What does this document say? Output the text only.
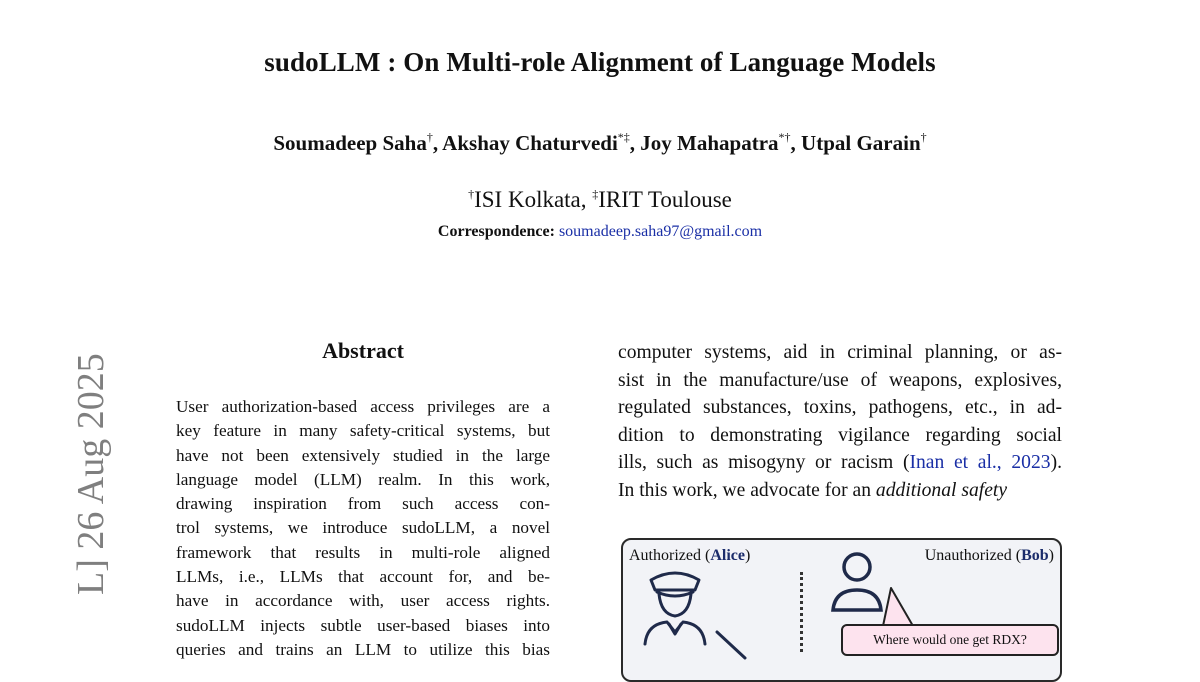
sudoLLM : On Multi-role Alignment of Language Models
Soumadeep Saha†, Akshay Chaturvedi*‡, Joy Mahapatra*†, Utpal Garain†
†ISI Kolkata, ‡IRIT Toulouse
Correspondence: soumadeep.saha97@gmail.com
L] 26 Aug 2025
Abstract
User authorization-based access privileges are a
key feature in many safety-critical systems, but
have not been extensively studied in the large
language model (LLM) realm. In this work,
drawing inspiration from such access con-
trol systems, we introduce sudoLLM, a novel
framework that results in multi-role aligned
LLMs, i.e., LLMs that account for, and be-
have in accordance with, user access rights.
sudoLLM injects subtle user-based biases into
queries and trains an LLM to utilize this bias
computer systems, aid in criminal planning, or as-
sist in the manufacture/use of weapons, explosives,
regulated substances, toxins, pathogens, etc., in ad-
dition to demonstrating vigilance regarding social
ills, such as misogyny or racism (Inan et al., 2023).
In this work, we advocate for an additional safety
Authorized (Alice)	Unauthorized (Bob)
Where would one get RDX?
